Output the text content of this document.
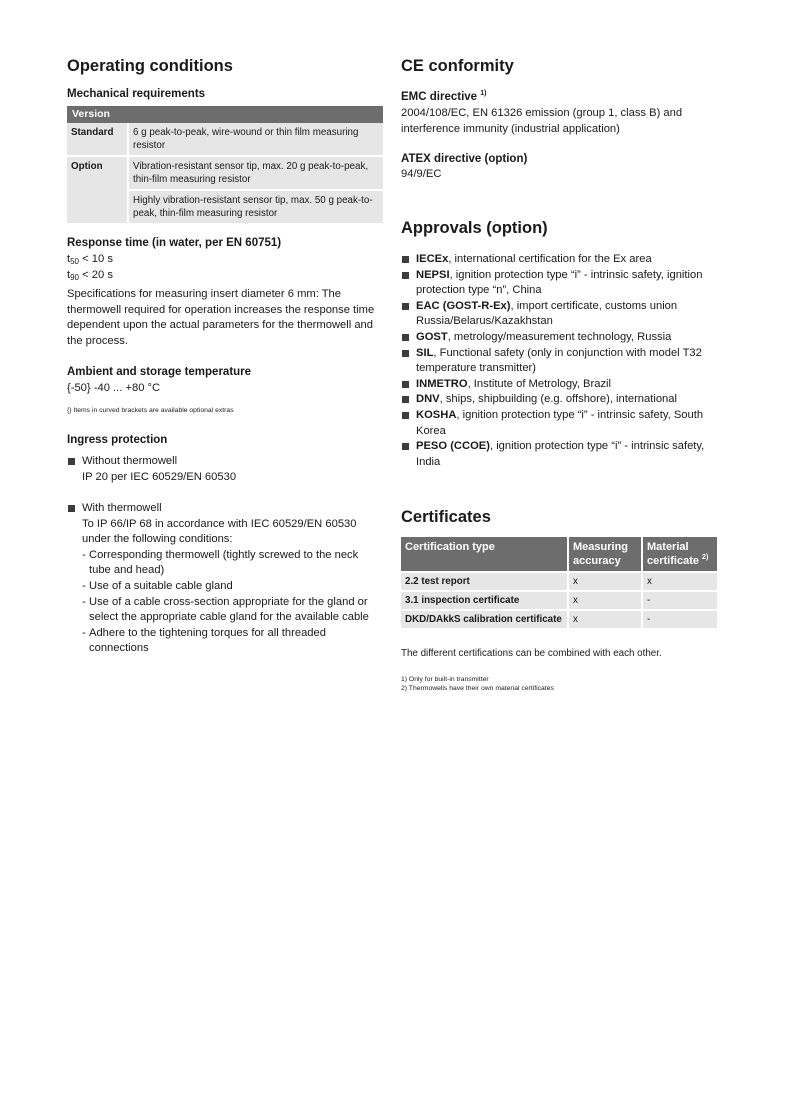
Operating conditions
Mechanical requirements
Version	
Standard	6 g peak-to-peak, wire-wound or thin film measuring resistor
Option	Vibration-resistant sensor tip, max. 20 g peak-to-peak, thin-film measuring resistor
	Highly vibration-resistant sensor tip, max. 50 g peak-to-peak, thin-film measuring resistor
Response time (in water, per EN 60751)
$t_{50} < 10$ s
$t_{90} < 20$ s
Specifications for measuring insert diameter 6 mm: The thermowell required for operation increases the response time dependent upon the actual parameters for the thermowell and the process.
Ambient and storage temperature
{-50} -40 ... +80 °C
{} Items in curved brackets are available optional extras
Ingress protection
Without thermowell
IP 20 per IEC 60529/EN 60530
With thermowell
To IP 66/IP 68 in accordance with IEC 60529/EN 60530 under the following conditions:
- Corresponding thermowell (tightly screwed to the neck tube and head)
- Use of a suitable cable gland
- Use of a cable cross-section appropriate for the gland or select the appropriate cable gland for the available cable
- Adhere to the tightening torques for all threaded connections
CE conformity
EMC directive $^{1)}$
2004/108/EC, EN 61326 emission (group 1, class B) and interference immunity (industrial application)
ATEX directive (option)
94/9/EC
Approvals (option)
IECEx, international certification for the Ex area
NEPSI, ignition protection type “i” - intrinsic safety, ignition protection type “n”, China
EAC (GOST-R-Ex), import certificate, customs union Russia/Belarus/Kazakhstan
GOST, metrology/measurement technology, Russia
SIL, Functional safety (only in conjunction with model T32 temperature transmitter)
INMETRO, Institute of Metrology, Brazil
DNV, ships, shipbuilding (e.g. offshore), international
KOSHA, ignition protection type “i” - intrinsic safety, South Korea
PESO (CCOE), ignition protection type “i” - intrinsic safety, India
Certificates
Certification type	Measuring accuracy	Material certificate $^{2)}$
2.2 test report	x	x
3.1 inspection certificate	x	-
DKD/DAkkS calibration certificate	x	-
The different certifications can be combined with each other.
1) Only for built-in transmitter
2) Thermowells have their own material certificates
